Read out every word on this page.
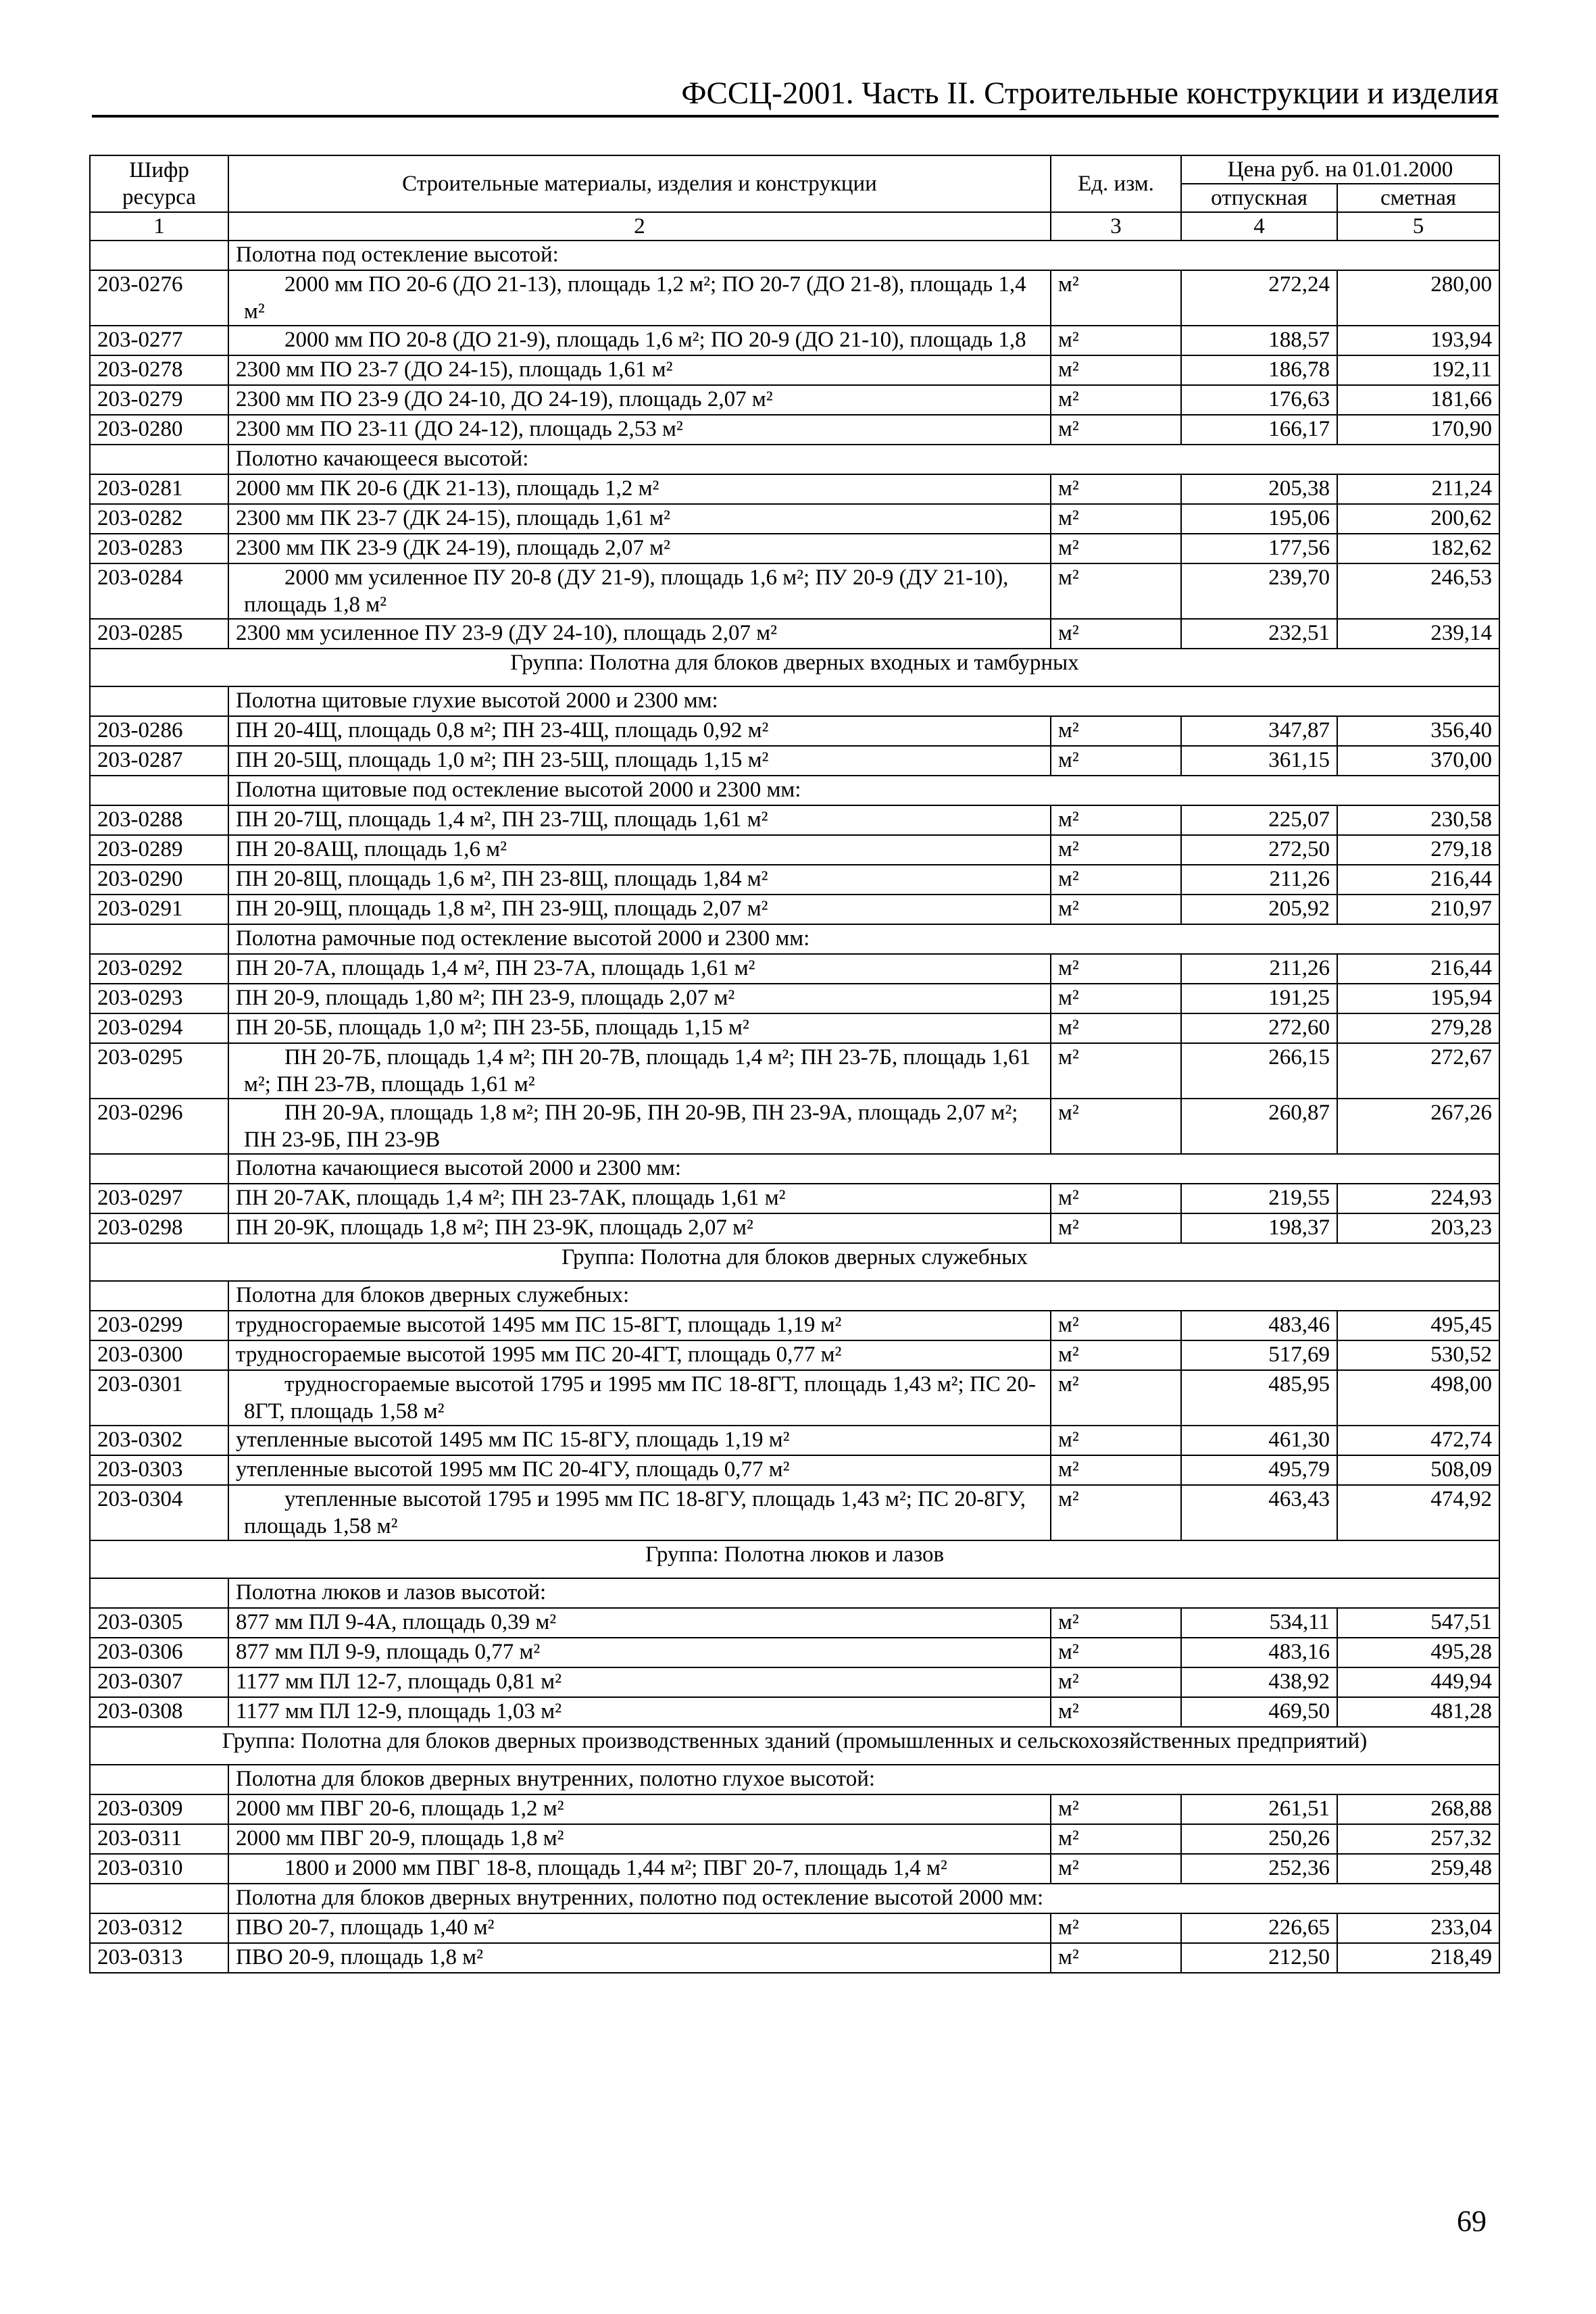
ФССЦ-2001. Часть II. Строительные конструкции и изделия
Шифр ресурса	Строительные материалы, изделия и конструкции	Ед. изм.	Цена руб. на 01.01.2000	
			отпускная	сметная
1	2	3	4	5
	Полотна под остекление высотой:			
203-0276	2000 мм ПО 20-6 (ДО 21-13), площадь 1,2 м²; ПО 20-7 (ДО 21-8), площадь 1,4 м²	м²	272,24	280,00
203-0277	2000 мм ПО 20-8 (ДО 21-9), площадь 1,6 м²; ПО 20-9 (ДО 21-10), площадь 1,8	м²	188,57	193,94
203-0278	2300 мм ПО 23-7 (ДО 24-15), площадь 1,61 м²	м²	186,78	192,11
203-0279	2300 мм ПО 23-9 (ДО 24-10, ДО 24-19), площадь 2,07 м²	м²	176,63	181,66
203-0280	2300 мм ПО 23-11 (ДО 24-12), площадь 2,53 м²	м²	166,17	170,90
	Полотно качающееся высотой:			
203-0281	2000 мм ПК 20-6 (ДК 21-13), площадь 1,2 м²	м²	205,38	211,24
203-0282	2300 мм ПК 23-7 (ДК 24-15), площадь 1,61 м²	м²	195,06	200,62
203-0283	2300 мм ПК 23-9 (ДК 24-19), площадь 2,07 м²	м²	177,56	182,62
203-0284	2000 мм усиленное ПУ 20-8 (ДУ 21-9), площадь 1,6 м²; ПУ 20-9 (ДУ 21-10), площадь 1,8 м²	м²	239,70	246,53
203-0285	2300 мм усиленное ПУ 23-9 (ДУ 24-10), площадь 2,07 м²	м²	232,51	239,14
Группа: Полотна для блоков дверных входных и тамбурных				
	Полотна щитовые глухие высотой 2000 и 2300 мм:			
203-0286	ПН 20-4Щ, площадь 0,8 м²; ПН 23-4Щ, площадь 0,92 м²	м²	347,87	356,40
203-0287	ПН 20-5Щ, площадь 1,0 м²; ПН 23-5Щ, площадь 1,15 м²	м²	361,15	370,00
	Полотна щитовые под остекление высотой 2000 и 2300 мм:			
203-0288	ПН 20-7Щ, площадь 1,4 м², ПН 23-7Щ, площадь 1,61 м²	м²	225,07	230,58
203-0289	ПН 20-8АЩ, площадь 1,6 м²	м²	272,50	279,18
203-0290	ПН 20-8Щ, площадь 1,6 м², ПН 23-8Щ, площадь 1,84 м²	м²	211,26	216,44
203-0291	ПН 20-9Щ, площадь 1,8 м², ПН 23-9Щ, площадь 2,07 м²	м²	205,92	210,97
	Полотна рамочные под остекление высотой 2000 и 2300 мм:			
203-0292	ПН 20-7А, площадь 1,4 м², ПН 23-7А, площадь 1,61 м²	м²	211,26	216,44
203-0293	ПН 20-9, площадь 1,80 м²; ПН 23-9, площадь 2,07 м²	м²	191,25	195,94
203-0294	ПН 20-5Б, площадь 1,0 м²; ПН 23-5Б, площадь 1,15 м²	м²	272,60	279,28
203-0295	ПН 20-7Б, площадь 1,4 м²; ПН 20-7В, площадь 1,4 м²; ПН 23-7Б, площадь 1,61 м²; ПН 23-7В, площадь 1,61 м²	м²	266,15	272,67
203-0296	ПН 20-9А, площадь 1,8 м²; ПН 20-9Б, ПН 20-9В, ПН 23-9А, площадь 2,07 м²; ПН 23-9Б, ПН 23-9В	м²	260,87	267,26
	Полотна качающиеся высотой 2000 и 2300 мм:			
203-0297	ПН 20-7АК, площадь 1,4 м²; ПН 23-7АК, площадь 1,61 м²	м²	219,55	224,93
203-0298	ПН 20-9К, площадь 1,8 м²; ПН 23-9К, площадь 2,07 м²	м²	198,37	203,23
Группа: Полотна для блоков дверных служебных				
	Полотна для блоков дверных служебных:			
203-0299	трудносгораемые высотой 1495 мм ПС 15-8ГТ, площадь 1,19 м²	м²	483,46	495,45
203-0300	трудносгораемые высотой 1995 мм ПС 20-4ГТ, площадь 0,77 м²	м²	517,69	530,52
203-0301	трудносгораемые высотой 1795 и 1995 мм ПС 18-8ГТ, площадь 1,43 м²; ПС 20-8ГТ, площадь 1,58 м²	м²	485,95	498,00
203-0302	утепленные высотой 1495 мм ПС 15-8ГУ, площадь 1,19 м²	м²	461,30	472,74
203-0303	утепленные высотой 1995 мм ПС 20-4ГУ, площадь 0,77 м²	м²	495,79	508,09
203-0304	утепленные высотой 1795 и 1995 мм ПС 18-8ГУ, площадь 1,43 м²; ПС 20-8ГУ, площадь 1,58 м²	м²	463,43	474,92
Группа: Полотна люков и лазов				
	Полотна люков и лазов высотой:			
203-0305	877 мм ПЛ 9-4А, площадь 0,39 м²	м²	534,11	547,51
203-0306	877 мм ПЛ 9-9, площадь 0,77 м²	м²	483,16	495,28
203-0307	1177 мм ПЛ 12-7, площадь 0,81 м²	м²	438,92	449,94
203-0308	1177 мм ПЛ 12-9, площадь 1,03 м²	м²	469,50	481,28
Группа: Полотна для блоков дверных производственных зданий (промышленных и сельскохозяйственных предприятий)				
	Полотна для блоков дверных внутренних, полотно глухое высотой:			
203-0309	2000 мм ПВГ 20-6, площадь 1,2 м²	м²	261,51	268,88
203-0311	2000 мм ПВГ 20-9, площадь 1,8 м²	м²	250,26	257,32
203-0310	1800 и 2000 мм ПВГ 18-8, площадь 1,44 м²; ПВГ 20-7, площадь 1,4 м²	м²	252,36	259,48
	Полотна для блоков дверных внутренних, полотно под остекление высотой 2000 мм:			
203-0312	ПВО 20-7, площадь 1,40 м²	м²	226,65	233,04
203-0313	ПВО 20-9, площадь 1,8 м²	м²	212,50	218,49
69
